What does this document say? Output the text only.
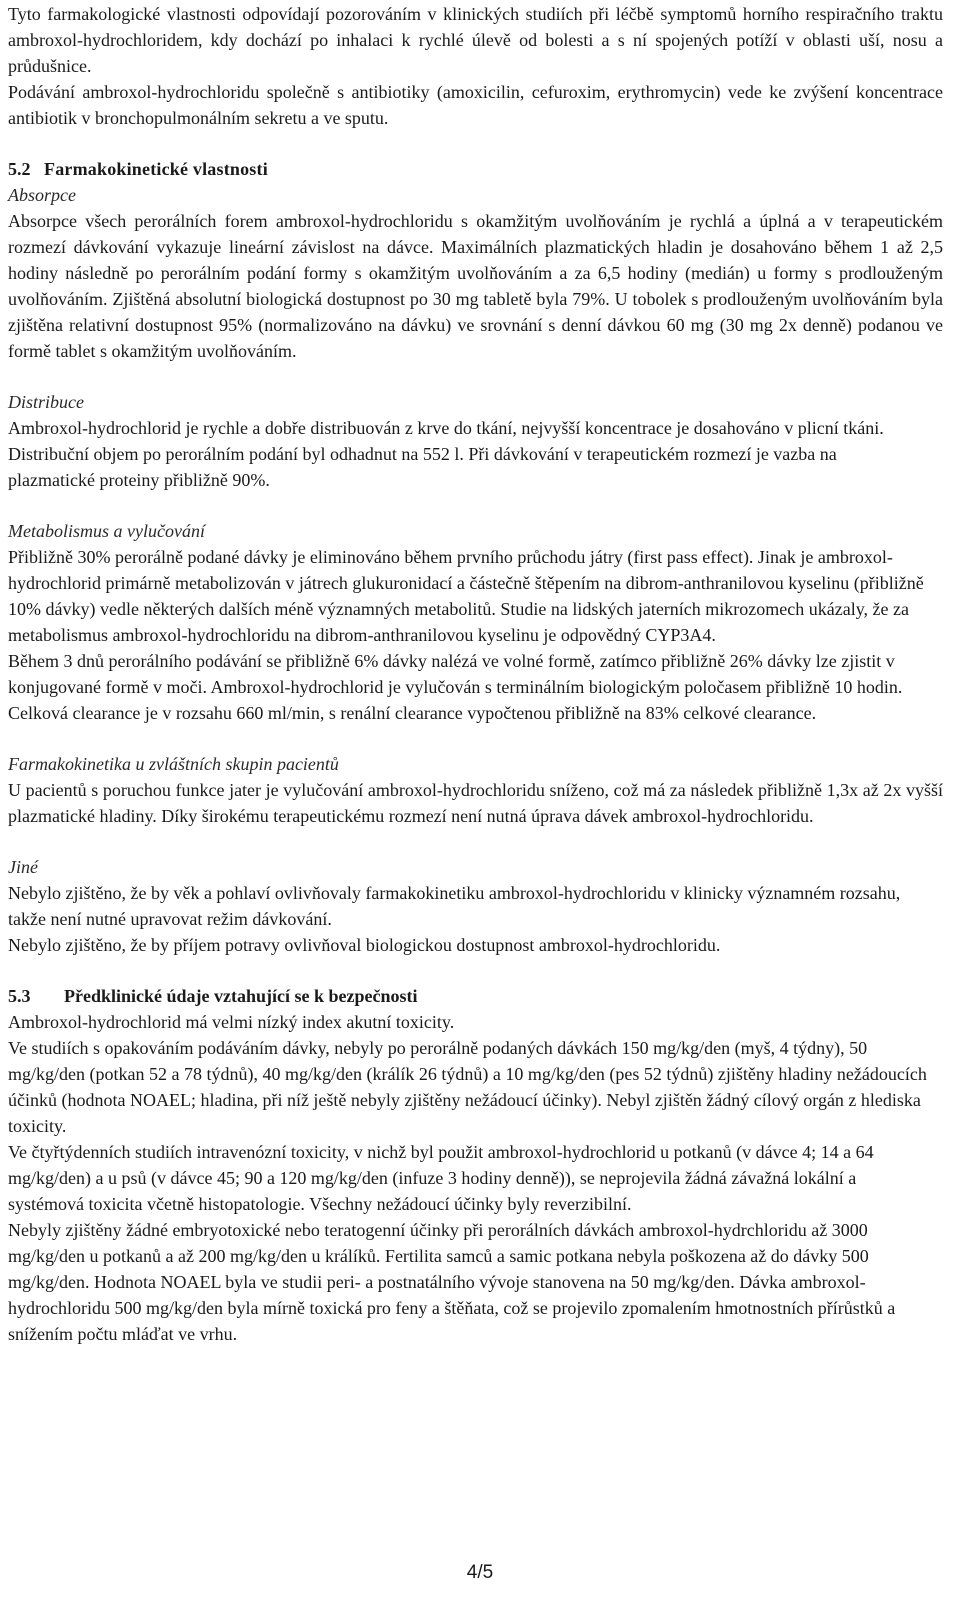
Tyto farmakologické vlastnosti odpovídají pozorováním v klinických studiích při léčbě symptomů horního respiračního traktu ambroxol-hydrochloridem, kdy dochází po inhalaci k rychlé úlevě od bolesti a s ní spojených potíží v oblasti uší, nosu a průdušnice.

Podávání ambroxol-hydrochloridu společně s antibiotiky (amoxicilin, cefuroxim, erythromycin) vede ke zvýšení koncentrace antibiotik v bronchopulmonálním sekretu a ve sputu.

5.2 Farmakokinetické vlastnosti

Absorpce

Absorpce všech perorálních forem ambroxol-hydrochloridu s okamžitým uvolňováním je rychlá a úplná a v terapeutickém rozmezí dávkování vykazuje lineární závislost na dávce. Maximálních plazmatických hladin je dosahováno během 1 až 2,5 hodiny následně po perorálním podání formy s okamžitým uvolňováním a za 6,5 hodiny (medián) u formy s prodlouženým uvolňováním. Zjištěná absolutní biologická dostupnost po 30 mg tabletě byla 79%. U tobolek s prodlouženým uvolňováním byla zjištěna relativní dostupnost 95% (normalizováno na dávku) ve srovnání s denní dávkou 60 mg (30 mg 2x denně) podanou ve formě tablet s okamžitým uvolňováním.

Distribuce

Ambroxol-hydrochlorid je rychle a dobře distribuován z krve do tkání, nejvyšší koncentrace je dosahováno v plicní tkáni. Distribuční objem po perorálním podání byl odhadnut na 552 l. Při dávkování v terapeutickém rozmezí je vazba na plazmatické proteiny přibližně 90%.

Metabolismus a vylučování

Přibližně 30% perorálně podané dávky je eliminováno během prvního průchodu játry (first pass effect). Jinak je ambroxol-hydrochlorid primárně metabolizován v játrech glukuronidací a částečně štěpením na dibrom-anthranilovou kyselinu (přibližně 10% dávky) vedle některých dalších méně významných metabolitů. Studie na lidských jaterních mikrozomech ukázaly, že za metabolismus ambroxol-hydrochloridu na dibrom-anthranilovou kyselinu je odpovědný CYP3A4.

Během 3 dnů perorálního podávání se přibližně 6% dávky nalézá ve volné formě, zatímco přibližně 26% dávky lze zjistit v konjugované formě v moči. Ambroxol-hydrochlorid je vylučován s terminálním biologickým poločasem přibližně 10 hodin. Celková clearance je v rozsahu 660 ml/min, s renální clearance vypočtenou přibližně na 83% celkové clearance.

Farmakokinetika u zvláštních skupin pacientů

U pacientů s poruchou funkce jater je vylučování ambroxol-hydrochloridu sníženo, což má za následek přibližně 1,3x až 2x vyšší plazmatické hladiny. Díky širokému terapeutickému rozmezí není nutná úprava dávek ambroxol-hydrochloridu.

Jiné

Nebylo zjištěno, že by věk a pohlaví ovlivňovaly farmakokinetiku ambroxol-hydrochloridu v klinicky významném rozsahu, takže není nutné upravovat režim dávkování.

Nebylo zjištěno, že by příjem potravy ovlivňoval biologickou dostupnost ambroxol-hydrochloridu.

5.3 Předklinické údaje vztahující se k bezpečnosti

Ambroxol-hydrochlorid má velmi nízký index akutní toxicity.

Ve studiích s opakováním podáváním dávky, nebyly po perorálně podaných dávkách 150 mg/kg/den (myš, 4 týdny), 50 mg/kg/den (potkan 52 a 78 týdnů), 40 mg/kg/den (králík 26 týdnů) a 10 mg/kg/den (pes 52 týdnů) zjištěny hladiny nežádoucích účinků (hodnota NOAEL; hladina, při níž ještě nebyly zjištěny nežádoucí účinky). Nebyl zjištěn žádný cílový orgán z hlediska toxicity.

Ve čtyřtýdenních studiích intravenózní toxicity, v nichž byl použit ambroxol-hydrochlorid u potkanů (v dávce 4; 14 a 64 mg/kg/den) a u psů (v dávce 45; 90 a 120 mg/kg/den (infuze 3 hodiny denně)), se neprojevila žádná závažná lokální a systémová toxicita včetně histopatologie. Všechny nežádoucí účinky byly reverzibilní.

Nebyly zjištěny žádné embryotoxické nebo teratogenní účinky při perorálních dávkách ambroxol-hydrchloridu až 3000 mg/kg/den u potkanů a až 200 mg/kg/den u králíků. Fertilita samců a samic potkana nebyla poškozena až do dávky 500 mg/kg/den. Hodnota NOAEL byla ve studii peri- a postnatálního vývoje stanovena na 50 mg/kg/den. Dávka ambroxol-hydrochloridu 500 mg/kg/den byla mírně toxická pro feny a štěňata, což se projevilo zpomalením hmotnostních přírůstků a snížením počtu mláďat ve vrhu.

4/5
